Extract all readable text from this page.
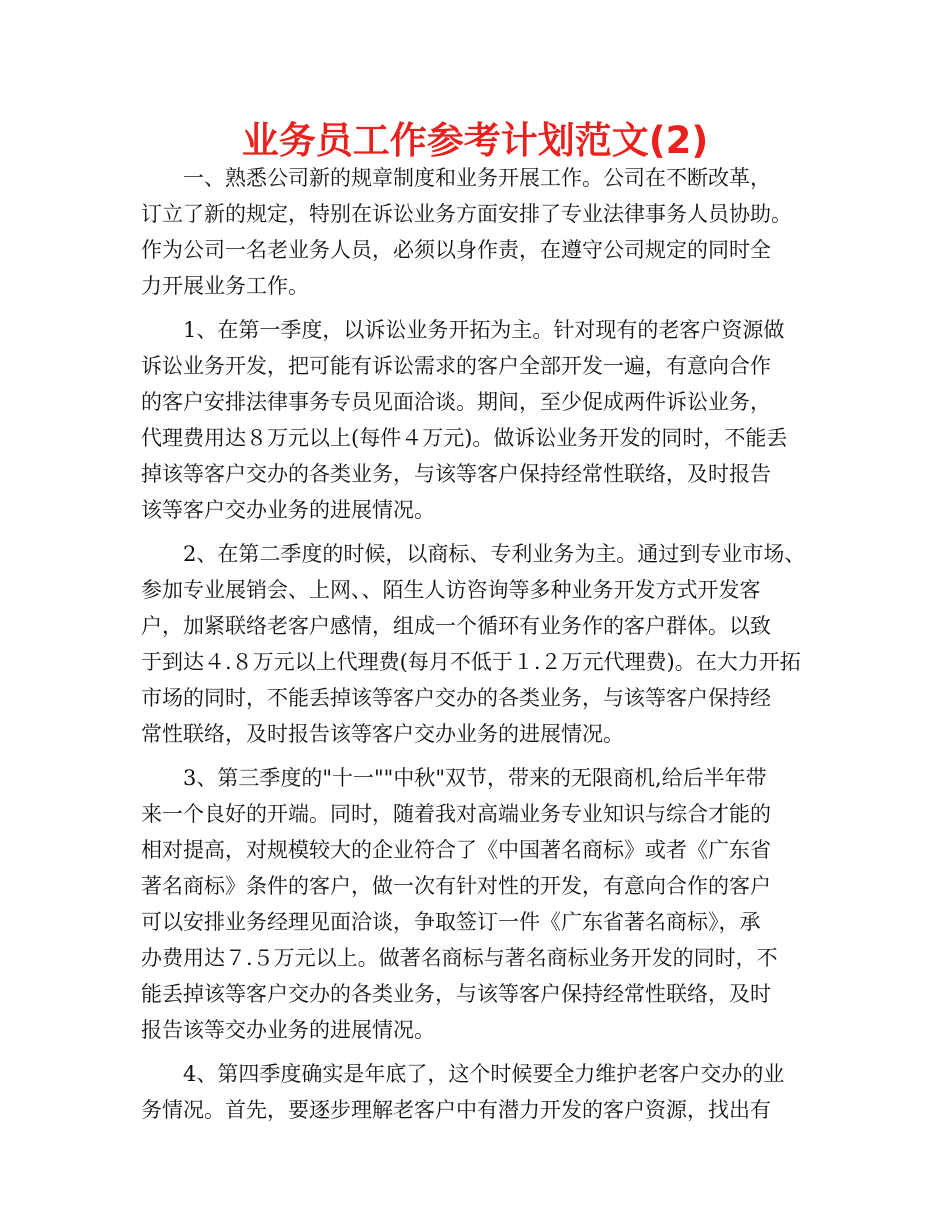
业务员工作参考计划范文(2)
一、熟悉公司新的规章制度和业务开展工作。公司在不断改革，
订立了新的规定，特别在诉讼业务方面安排了专业法律事务人员协助。
作为公司一名老业务人员，必须以身作责，在遵守公司规定的同时全
力开展业务工作。
1、在第一季度，以诉讼业务开拓为主。针对现有的老客户资源做
诉讼业务开发，把可能有诉讼需求的客户全部开发一遍，有意向合作
的客户安排法律事务专员见面洽谈。期间，至少促成两件诉讼业务，
代理费用达８万元以上(每件４万元)。做诉讼业务开发的同时，不能丢
掉该等客户交办的各类业务，与该等客户保持经常性联络，及时报告
该等客户交办业务的进展情况。
2、在第二季度的时候，以商标、专利业务为主。通过到专业市场、
参加专业展销会、上网、、陌生人访咨询等多种业务开发方式开发客
户，加紧联络老客户感情，组成一个循环有业务作的客户群体。以致
于到达４.８万元以上代理费(每月不低于１.２万元代理费)。在大力开拓
市场的同时，不能丢掉该等客户交办的各类业务，与该等客户保持经
常性联络，及时报告该等客户交办业务的进展情况。
3、第三季度的"十一""中秋"双节，带来的无限商机,给后半年带
来一个良好的开端。同时，随着我对高端业务专业知识与综合才能的
相对提高，对规模较大的企业符合了《中国著名商标》或者《广东省
著名商标》条件的客户，做一次有针对性的开发，有意向合作的客户
可以安排业务经理见面洽谈，争取签订一件《广东省著名商标》，承
办费用达７.５万元以上。做著名商标与著名商标业务开发的同时，不
能丢掉该等客户交办的各类业务，与该等客户保持经常性联络，及时
报告该等交办业务的进展情况。
4、第四季度确实是年底了，这个时候要全力维护老客户交办的业
务情况。首先，要逐步理解老客户中有潜力开发的客户资源，找出有
